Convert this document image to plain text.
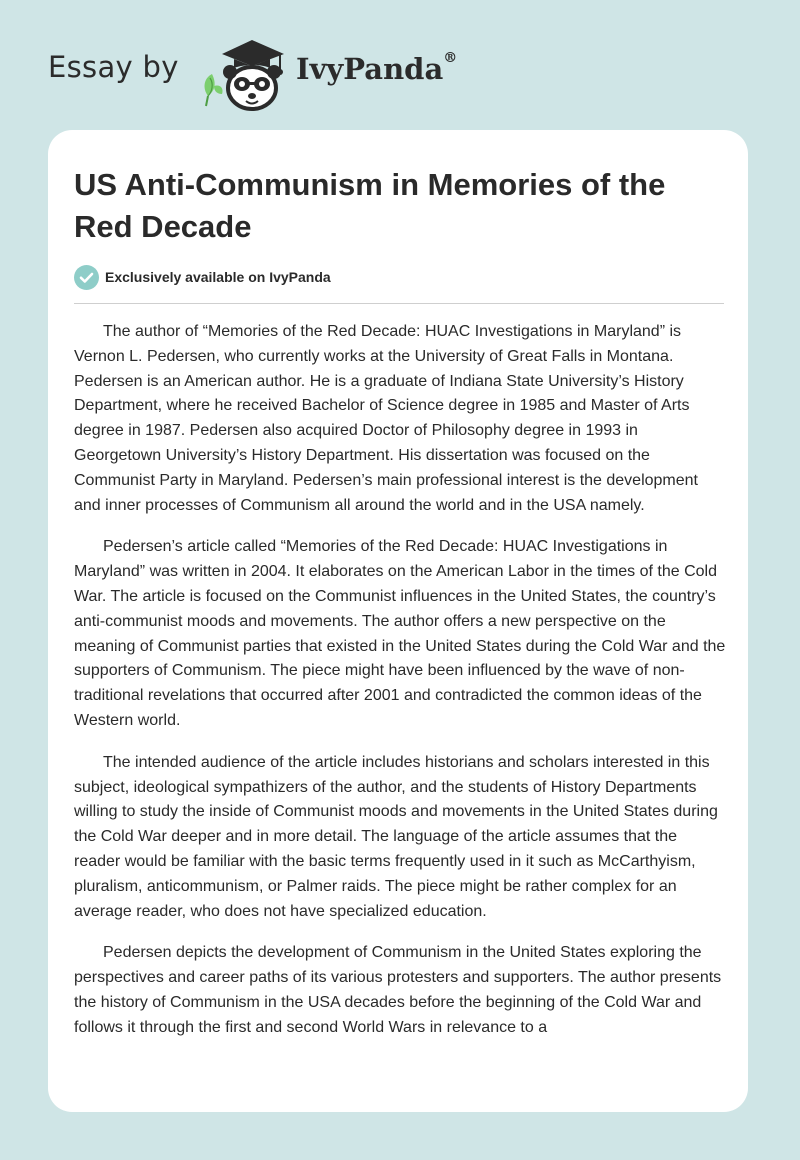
Essay by	IvyPanda®
US Anti-Communism in Memories of the Red Decade
Exclusively available on IvyPanda

The author of “Memories of the Red Decade: HUAC Investigations in Maryland” is Vernon L. Pedersen, who currently works at the University of Great Falls in Montana. Pedersen is an American author. He is a graduate of Indiana State University’s History Department, where he received Bachelor of Science degree in 1985 and Master of Arts degree in 1987. Pedersen also acquired Doctor of Philosophy degree in 1993 in Georgetown University’s History Department. His dissertation was focused on the Communist Party in Maryland. Pedersen’s main professional interest is the development and inner processes of Communism all around the world and in the USA namely.

Pedersen’s article called “Memories of the Red Decade: HUAC Investigations in Maryland” was written in 2004. It elaborates on the American Labor in the times of the Cold War. The article is focused on the Communist influences in the United States, the country’s anti-communist moods and movements. The author offers a new perspective on the meaning of Communist parties that existed in the United States during the Cold War and the supporters of Communism. The piece might have been influenced by the wave of non-traditional revelations that occurred after 2001 and contradicted the common ideas of the Western world.

The intended audience of the article includes historians and scholars interested in this subject, ideological sympathizers of the author, and the students of History Departments willing to study the inside of Communist moods and movements in the United States during the Cold War deeper and in more detail. The language of the article assumes that the reader would be familiar with the basic terms frequently used in it such as McCarthyism, pluralism, anticommunism, or Palmer raids. The piece might be rather complex for an average reader, who does not have specialized education.

Pedersen depicts the development of Communism in the United States exploring the perspectives and career paths of its various protesters and supporters. The author presents the history of Communism in the USA decades before the beginning of the Cold War and follows it through the first and second World Wars in relevance to a
